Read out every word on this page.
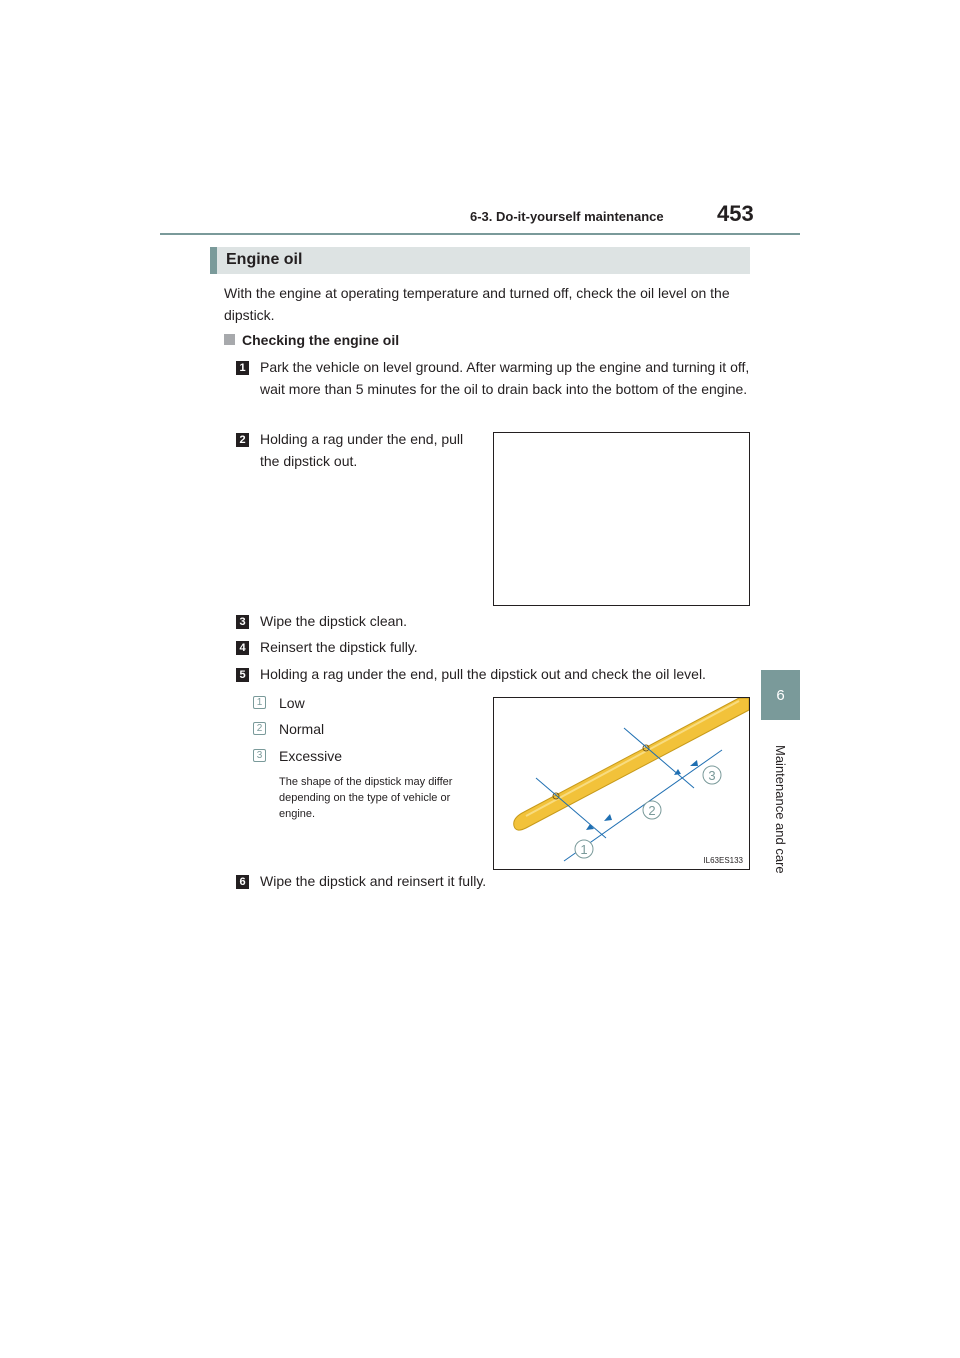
6-3. Do-it-yourself maintenance 453
6
Maintenance and care
Engine oil
With the engine at operating temperature and turned off, check the oil level on the dipstick.
Checking the engine oil
1 Park the vehicle on level ground. After warming up the engine and turning it off, wait more than 5 minutes for the oil to drain back into the bottom of the engine.
2 Holding a rag under the end, pull the dipstick out.
3 Wipe the dipstick clean.
4 Reinsert the dipstick fully.
5 Holding a rag under the end, pull the dipstick out and check the oil level.
1 Low
2 Normal
3 Excessive
The shape of the dipstick may differ depending on the type of vehicle or engine.
1
2
3
IL63ES133
6 Wipe the dipstick and reinsert it fully.
